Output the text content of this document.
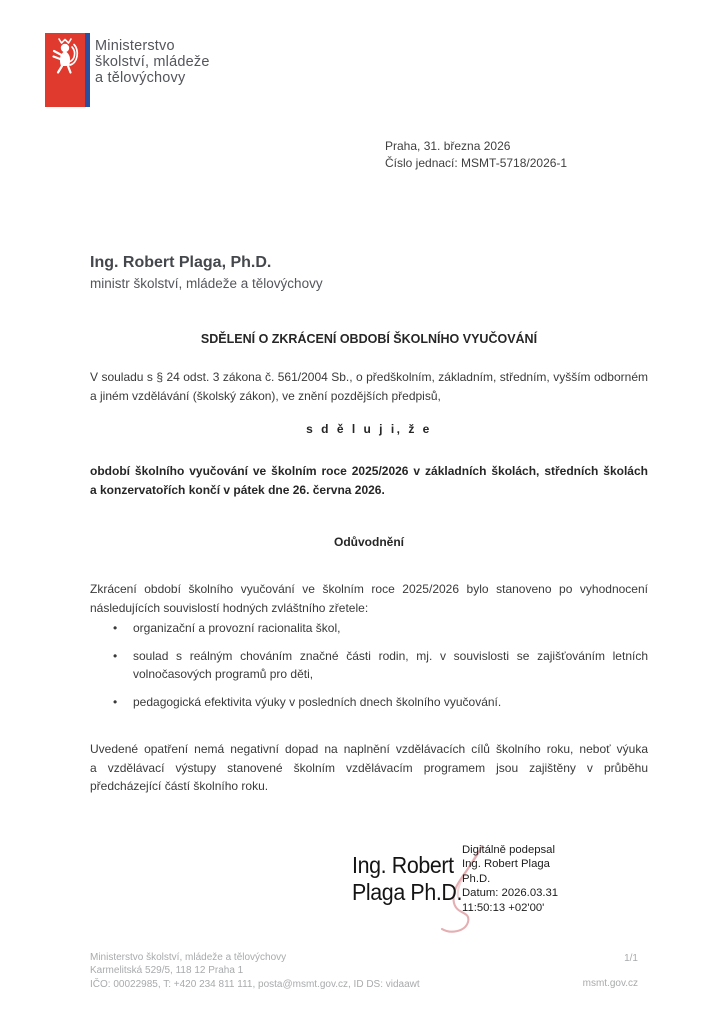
Ministerstvo
školství, mládeže
a tělovýchovy
Praha, 31. března 2026
Číslo jednací: MSMT-5718/2026-1
Ing. Robert Plaga, Ph.D.
ministr školství, mládeže a tělovýchovy
SDĚLENÍ O ZKRÁCENÍ OBDOBÍ ŠKOLNÍHO VYUČOVÁNÍ
V souladu s § 24 odst. 3 zákona č. 561/2004 Sb., o předškolním, základním, středním, vyšším odborném
a jiném vzdělávání (školský zákon), ve znění pozdějších předpisů,
s d ě l u j i, ž e
období školního vyučování ve školním roce 2025/2026 v základních školách, středních školách
a konzervatořích končí v pátek dne 26. června 2026.
Odůvodnění
Zkrácení období školního vyučování ve školním roce 2025/2026 bylo stanoveno po vyhodnocení
následujících souvislostí hodných zvláštního zřetele:
• organizační a provozní racionalita škol,
• soulad s reálným chováním značné části rodin, mj. v souvislosti se zajišťováním letních
volnočasových programů pro děti,
• pedagogická efektivita výuky v posledních dnech školního vyučování.
Uvedené opatření nemá negativní dopad na naplnění vzdělávacích cílů školního roku, neboť výuka
a vzdělávací výstupy stanovené školním vzdělávacím programem jsou zajištěny v průběhu
předcházející částí školního roku.
Ing. Robert
Plaga Ph.D.
Digitálně podepsal
Ing. Robert Plaga
Ph.D.
Datum: 2026.03.31
11:50:13 +02'00'
Ministerstvo školství, mládeže a tělovýchovy
Karmelitská 529/5, 118 12 Praha 1
IČO: 00022985, T: +420 234 811 111, posta@msmt.gov.cz, ID DS: vidaawt
1/1
msmt.gov.cz
